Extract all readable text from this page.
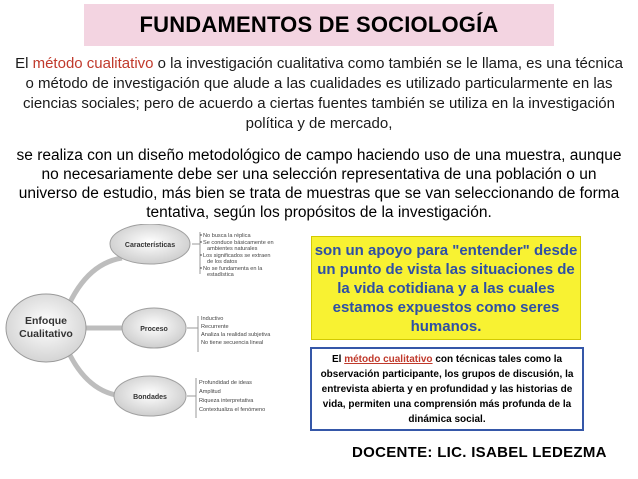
FUNDAMENTOS DE SOCIOLOGÍA
El método cualitativo o la investigación cualitativa como también se le llama, es una técnica o método de investigación que alude a las cualidades es utilizado particularmente en las ciencias sociales; pero de acuerdo a ciertas fuentes también se utiliza en la investigación política y de mercado,
se realiza con un diseño metodológico de campo haciendo uso de una muestra, aunque no necesariamente debe ser una selección representativa de una población o un universo de estudio, más bien se trata de muestras que se van seleccionando de forma tentativa, según los propósitos de la investigación.
Enfoque
Cualitativo
Características
Proceso
Bondades
No busca la réplica
Se conduce básicamente en
ambientes naturales
Los significados se extraen
de los datos
No se fundamenta en la
estadística
Inductivo
Recurrente
Analiza la realidad subjetiva
No tiene secuencia lineal
Profundidad de ideas
Amplitud
Riqueza interpretativa
Contextualiza el fenómeno
son un apoyo para "entender" desde un punto de vista las situaciones de la vida cotidiana y a las cuales estamos expuestos como seres humanos.

El método cualitativo con técnicas tales como la observación participante, los grupos de discusión, la entrevista abierta y en profundidad y las historias de vida, permiten una comprensión más profunda de la dinámica social.

DOCENTE: LIC. ISABEL LEDEZMA
